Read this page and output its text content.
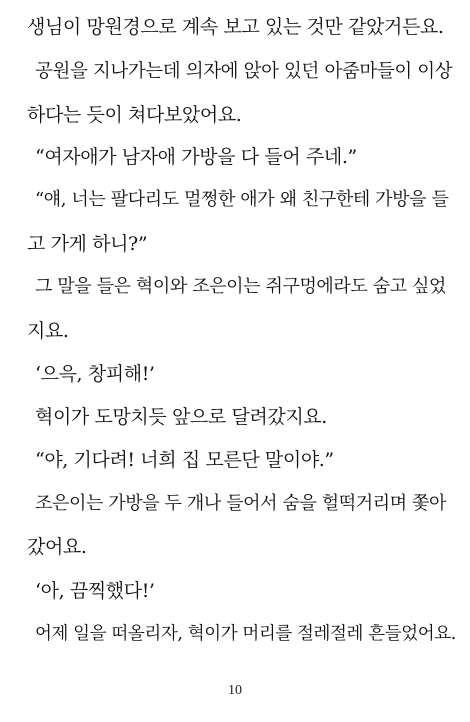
생님이 망원경으로 계속 보고 있는 것만 같았거든요.
공원을 지나가는데 의자에 앉아 있던 아줌마들이 이상
하다는 듯이 쳐다보았어요.
“여자애가 남자애 가방을 다 들어 주네.”
“얘, 너는 팔다리도 멀쩡한 애가 왜 친구한테 가방을 들
고 가게 하니?”
그 말을 들은 혁이와 조은이는 쥐구멍에라도 숨고 싶었
지요.
‘으윽, 창피해!’
혁이가 도망치듯 앞으로 달려갔지요.
“야, 기다려! 너희 집 모른단 말이야.”
조은이는 가방을 두 개나 들어서 숨을 헐떡거리며 쫓아
갔어요.
‘아, 끔찍했다!’
어제 일을 떠올리자, 혁이가 머리를 절레절레 흔들었어요.
10
